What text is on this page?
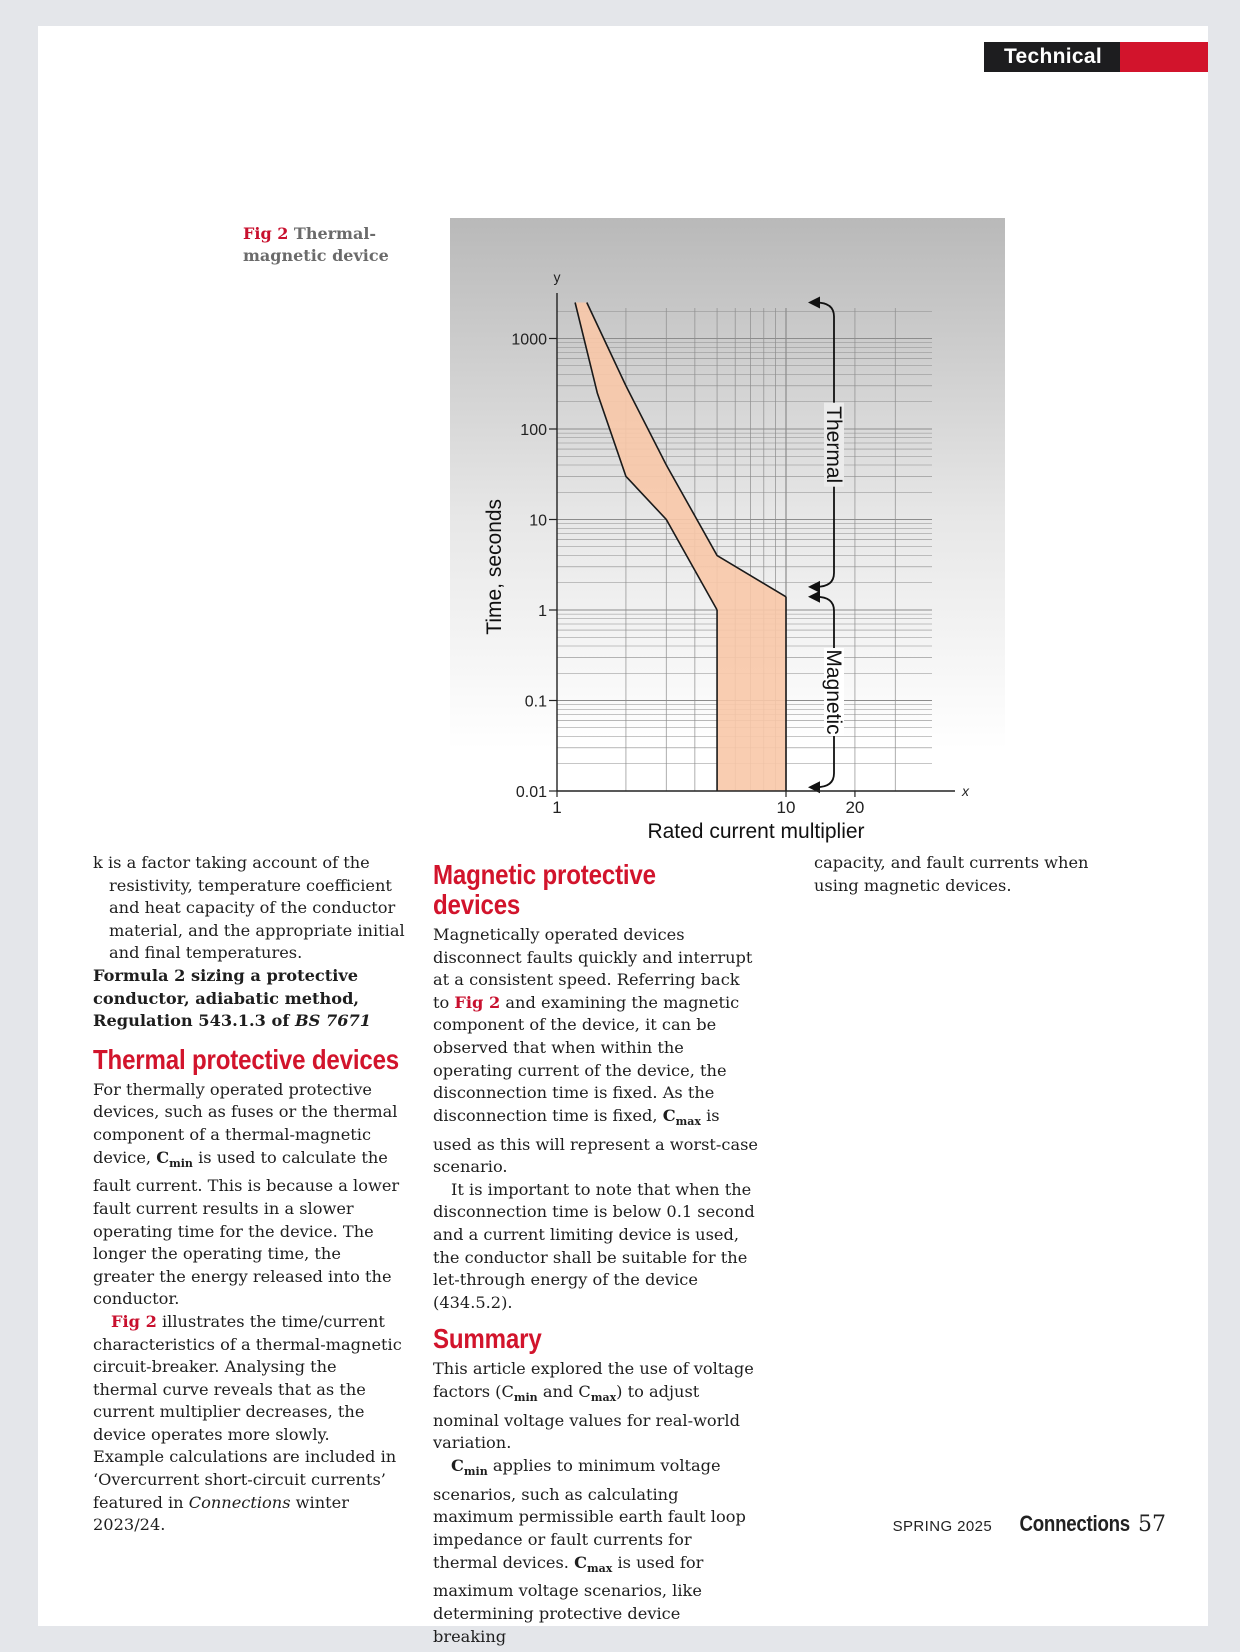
Technical
Fig 2 Thermal-magnetic device
1000
100
10
1
0.1
0.01
1	10	20
y
x
Time, seconds
Rated current multiplier
Thermal
Magnetic

k is a factor taking account of the resistivity, temperature coefficient and heat capacity of the conductor material, and the appropriate initial and final temperatures.

Formula 2 sizing a protective conductor, adiabatic method, Regulation 543.1.3 of BS 7671

Thermal protective devices

For thermally operated protective devices, such as fuses or the thermal component of a thermal-magnetic device, $C_{min}$ is used to calculate the fault current. This is because a lower fault current results in a slower operating time for the device. The longer the operating time, the greater the energy released into the conductor.

Fig 2 illustrates the time/current characteristics of a thermal-magnetic circuit-breaker. Analysing the thermal curve reveals that as the current multiplier decreases, the device operates more slowly. Example calculations are included in ‘Overcurrent short-circuit currents’ featured in Connections winter 2023/24.

Magnetic protective devices

Magnetically operated devices disconnect faults quickly and interrupt at a consistent speed. Referring back to Fig 2 and examining the magnetic component of the device, it can be observed that when within the operating current of the device, the disconnection time is fixed. As the disconnection time is fixed, $C_{max}$ is used as this will represent a worst-case scenario.

It is important to note that when the disconnection time is below 0.1 second and a current limiting device is used, the conductor shall be suitable for the let-through energy of the device (434.5.2).

Summary

This article explored the use of voltage factors ($C_{min}$ and $C_{max}$) to adjust nominal voltage values for real-world variation.

$C_{min}$ applies to minimum voltage scenarios, such as calculating maximum permissible earth fault loop impedance or fault currents for thermal devices. $C_{max}$ is used for maximum voltage scenarios, like determining protective device breaking

capacity, and fault currents when using magnetic devices.

SPRING 2025 Connections 57
